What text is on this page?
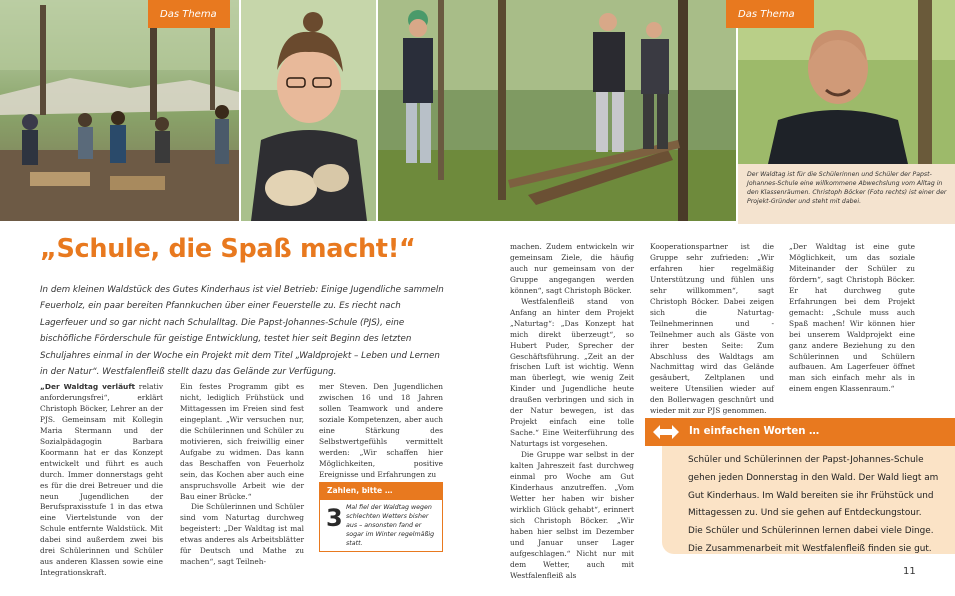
Das Thema	Das Thema
Der Waldtag ist für die Schülerinnen und Schüler der Papst-Johannes-Schule eine willkommene Abwechslung vom Alltag in den Klassenräumen. Christoph Böcker (Foto rechts) ist einer der Projekt-Gründer und steht mit dabei.
„Schule, die Spaß macht!“

In dem kleinen Waldstück des Gutes Kinderhaus ist viel Betrieb: Einige Jugendliche sammeln Feuerholz, ein paar bereiten Pfannkuchen über einer Feuerstelle zu. Es riecht nach Lagerfeuer und so gar nicht nach Schulalltag. Die Papst-Johannes-Schule (PJS), eine bischöfliche Förderschule für geistige Entwicklung, testet hier seit Beginn des letzten Schuljahres einmal in der Woche ein Projekt mit dem Titel „Waldprojekt – Leben und Lernen in der Natur“. Westfalenfleiß stellt dazu das Gelände zur Verfügung.

„Der Waldtag verläuft relativ anforderungsfrei“, erklärt Christoph Böcker, Lehrer an der PJS. Gemeinsam mit Kollegin Maria Stermann und der Sozialpädagogin Barbara Koormann hat er das Konzept entwickelt und führt es auch durch. Immer donnerstags geht es für die drei Betreuer und die neun Jugendlichen der Berufspraxisstufe 1 in das etwa eine Viertelstunde von der Schule entfernte Waldstück. Mit dabei sind außerdem zwei bis drei Schülerinnen und Schüler aus anderen Klassen sowie eine Integrationskraft.

Ein festes Programm gibt es nicht, lediglich Frühstück und Mittagessen im Freien sind fest eingeplant. „Wir versuchen nur, die Schülerinnen und Schüler zu motivieren, sich freiwillig einer Aufgabe zu widmen. Das kann das Beschaffen von Feuerholz sein, das Kochen aber auch eine anspruchsvolle Arbeit wie der Bau einer Brücke.“

Die Schülerinnen und Schüler sind vom Naturtag durchweg begeistert: „Der Waldtag ist mal etwas anderes als Arbeitsblätter für Deutsch und Mathe zu machen“, sagt Teilneh-

mer Steven. Den Jugendlichen zwischen 16 und 18 Jahren sollen Teamwork und andere soziale Kompetenzen, aber auch eine Stärkung des Selbstwertgefühls vermittelt werden: „Wir schaffen hier Möglichkeiten, positive Ereignisse und Erfahrungen zu

Zahlen, bitte …
3 Mal fiel der Waldtag wegen schlechten Wetters bisher aus – ansonsten fand er sogar im Winter regelmäßig statt.

machen. Zudem entwickeln wir gemeinsam Ziele, die häufig auch nur gemeinsam von der Gruppe angegangen werden können“, sagt Christoph Böcker.

Westfalenfleiß stand von Anfang an hinter dem Projekt „Naturtag“: „Das Konzept hat mich direkt überzeugt“, so Hubert Puder, Sprecher der Geschäftsführung. „Zeit an der frischen Luft ist wichtig. Wenn man überlegt, wie wenig Zeit Kinder und Jugendliche heute draußen verbringen und sich in der Natur bewegen, ist das Projekt einfach eine tolle Sache.“ Eine Weiterführung des Naturtags ist vorgesehen.

Die Gruppe war selbst in der kalten Jahreszeit fast durchweg einmal pro Woche am Gut Kinderhaus anzutreffen. „Vom Wetter her haben wir bisher wirklich Glück gehabt“, erinnert sich Christoph Böcker. „Wir haben hier selbst im Dezember und Januar unser Lager aufgeschlagen.“ Nicht nur mit dem Wetter, auch mit Westfalenfleiß als

Kooperationspartner ist die Gruppe sehr zufrieden: „Wir erfahren hier regelmäßig Unterstützung und fühlen uns sehr willkommen“, sagt Christoph Böcker. Dabei zeigen sich die Naturtag-Teilnehmerinnen und -Teilnehmer auch als Gäste von ihrer besten Seite: Zum Abschluss des Waldtags am Nachmittag wird das Gelände gesäubert, Zeltplanen und weitere Utensilien wieder auf den Bollerwagen geschnürt und wieder mit zur PJS genommen.

„Der Waldtag ist eine gute Möglichkeit, um das soziale Miteinander der Schüler zu fördern“, sagt Christoph Böcker. Er hat durchweg gute Erfahrungen bei dem Projekt gemacht: „Schule muss auch Spaß machen! Wir können hier bei unserem Waldprojekt eine ganz andere Beziehung zu den Schülerinnen und Schülern aufbauen. Am Lagerfeuer öffnet man sich einfach mehr als in einem engen Klassenraum.“

In einfachen Worten …
Schüler und Schülerinnen der Papst-Johannes-Schule
gehen jeden Donnerstag in den Wald. Der Wald liegt am
Gut Kinderhaus. Im Wald bereiten sie ihr Frühstück und
Mittagessen zu. Und sie gehen auf Entdeckungstour.
Die Schüler und Schülerinnen lernen dabei viele Dinge.
Die Zusammenarbeit mit Westfalenfleiß finden sie gut.
11
